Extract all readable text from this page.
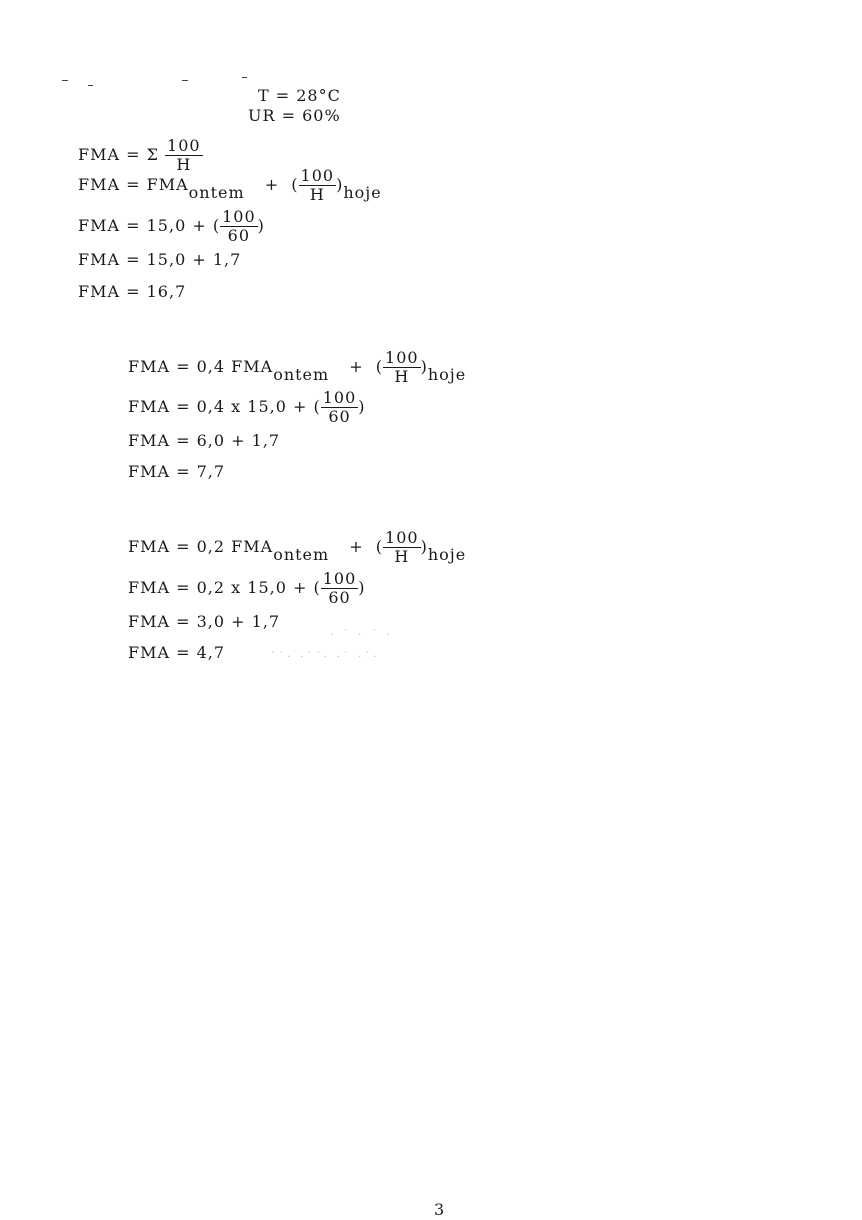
T = 28°C
UR = 60%
FMA = Σ $\frac{100}{H}$
FMA = FMAontem + ( $\frac{100}{H}$ )hoje
FMA = 15,0 + ( $\frac{100}{60}$ )
FMA = 15,0 + 1,7
FMA = 16,7
FMA = 0,4 FMAontem + ( $\frac{100}{H}$ )hoje
FMA = 0,4 x 15,0 + ( $\frac{100}{60}$ )
FMA = 6,0 + 1,7
FMA = 7,7
FMA = 0,2 FMAontem + ( $\frac{100}{H}$ )hoje
FMA = 0,2 x 15,0 + ( $\frac{100}{60}$ )
FMA = 3,0 + 1,7
FMA = 4,7
· ˙ · ´ ·
˙˙· ·˙´· ·˙ ·˙·
3
